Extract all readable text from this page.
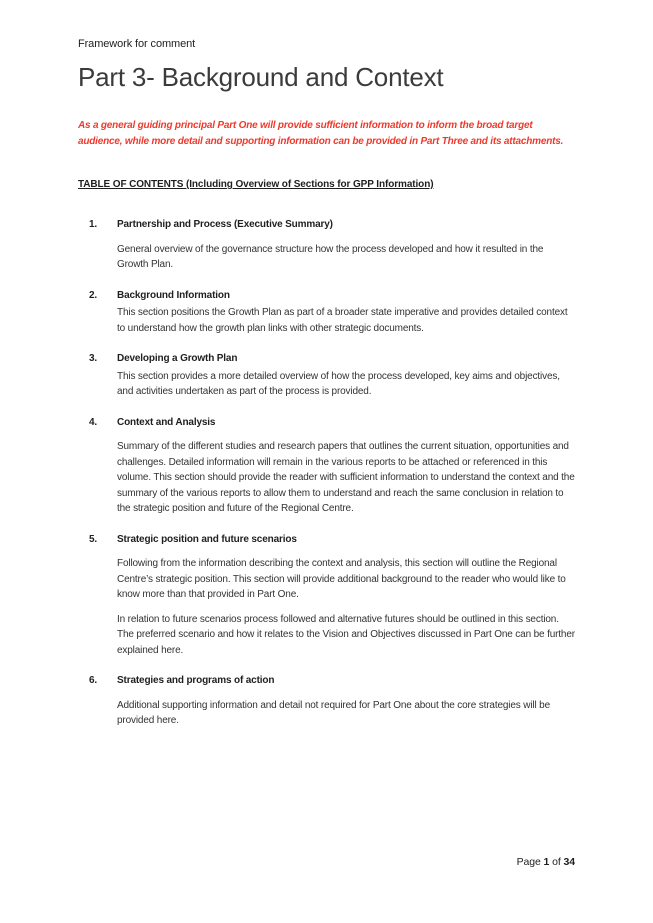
Framework for comment
Part 3- Background and Context
As a general guiding principal Part One will provide sufficient information to inform the broad target audience, while more detail and supporting information can be provided in Part Three and its attachments.
TABLE OF CONTENTS (Including Overview of Sections for GPP Information)
1. Partnership and Process (Executive Summary)

General overview of the governance structure how the process developed and how it resulted in the Growth Plan.

2. Background Information

This section positions the Growth Plan as part of a broader state imperative and provides detailed context to understand how the growth plan links with other strategic documents.

3. Developing a Growth Plan

This section provides a more detailed overview of how the process developed, key aims and objectives, and activities undertaken as part of the process is provided.

4. Context and Analysis

Summary of the different studies and research papers that outlines the current situation, opportunities and challenges. Detailed information will remain in the various reports to be attached or referenced in this volume. This section should provide the reader with sufficient information to understand the context and the summary of the various reports to allow them to understand and reach the same conclusion in relation to the strategic position and future of the Regional Centre.

5. Strategic position and future scenarios

Following from the information describing the context and analysis, this section will outline the Regional Centre’s strategic position. This section will provide additional background to the reader who would like to know more than that provided in Part One.

In relation to future scenarios process followed and alternative futures should be outlined in this section. The preferred scenario and how it relates to the Vision and Objectives discussed in Part One can be further explained here.

6. Strategies and programs of action

Additional supporting information and detail not required for Part One about the core strategies will be provided here.

Page 1 of 34
